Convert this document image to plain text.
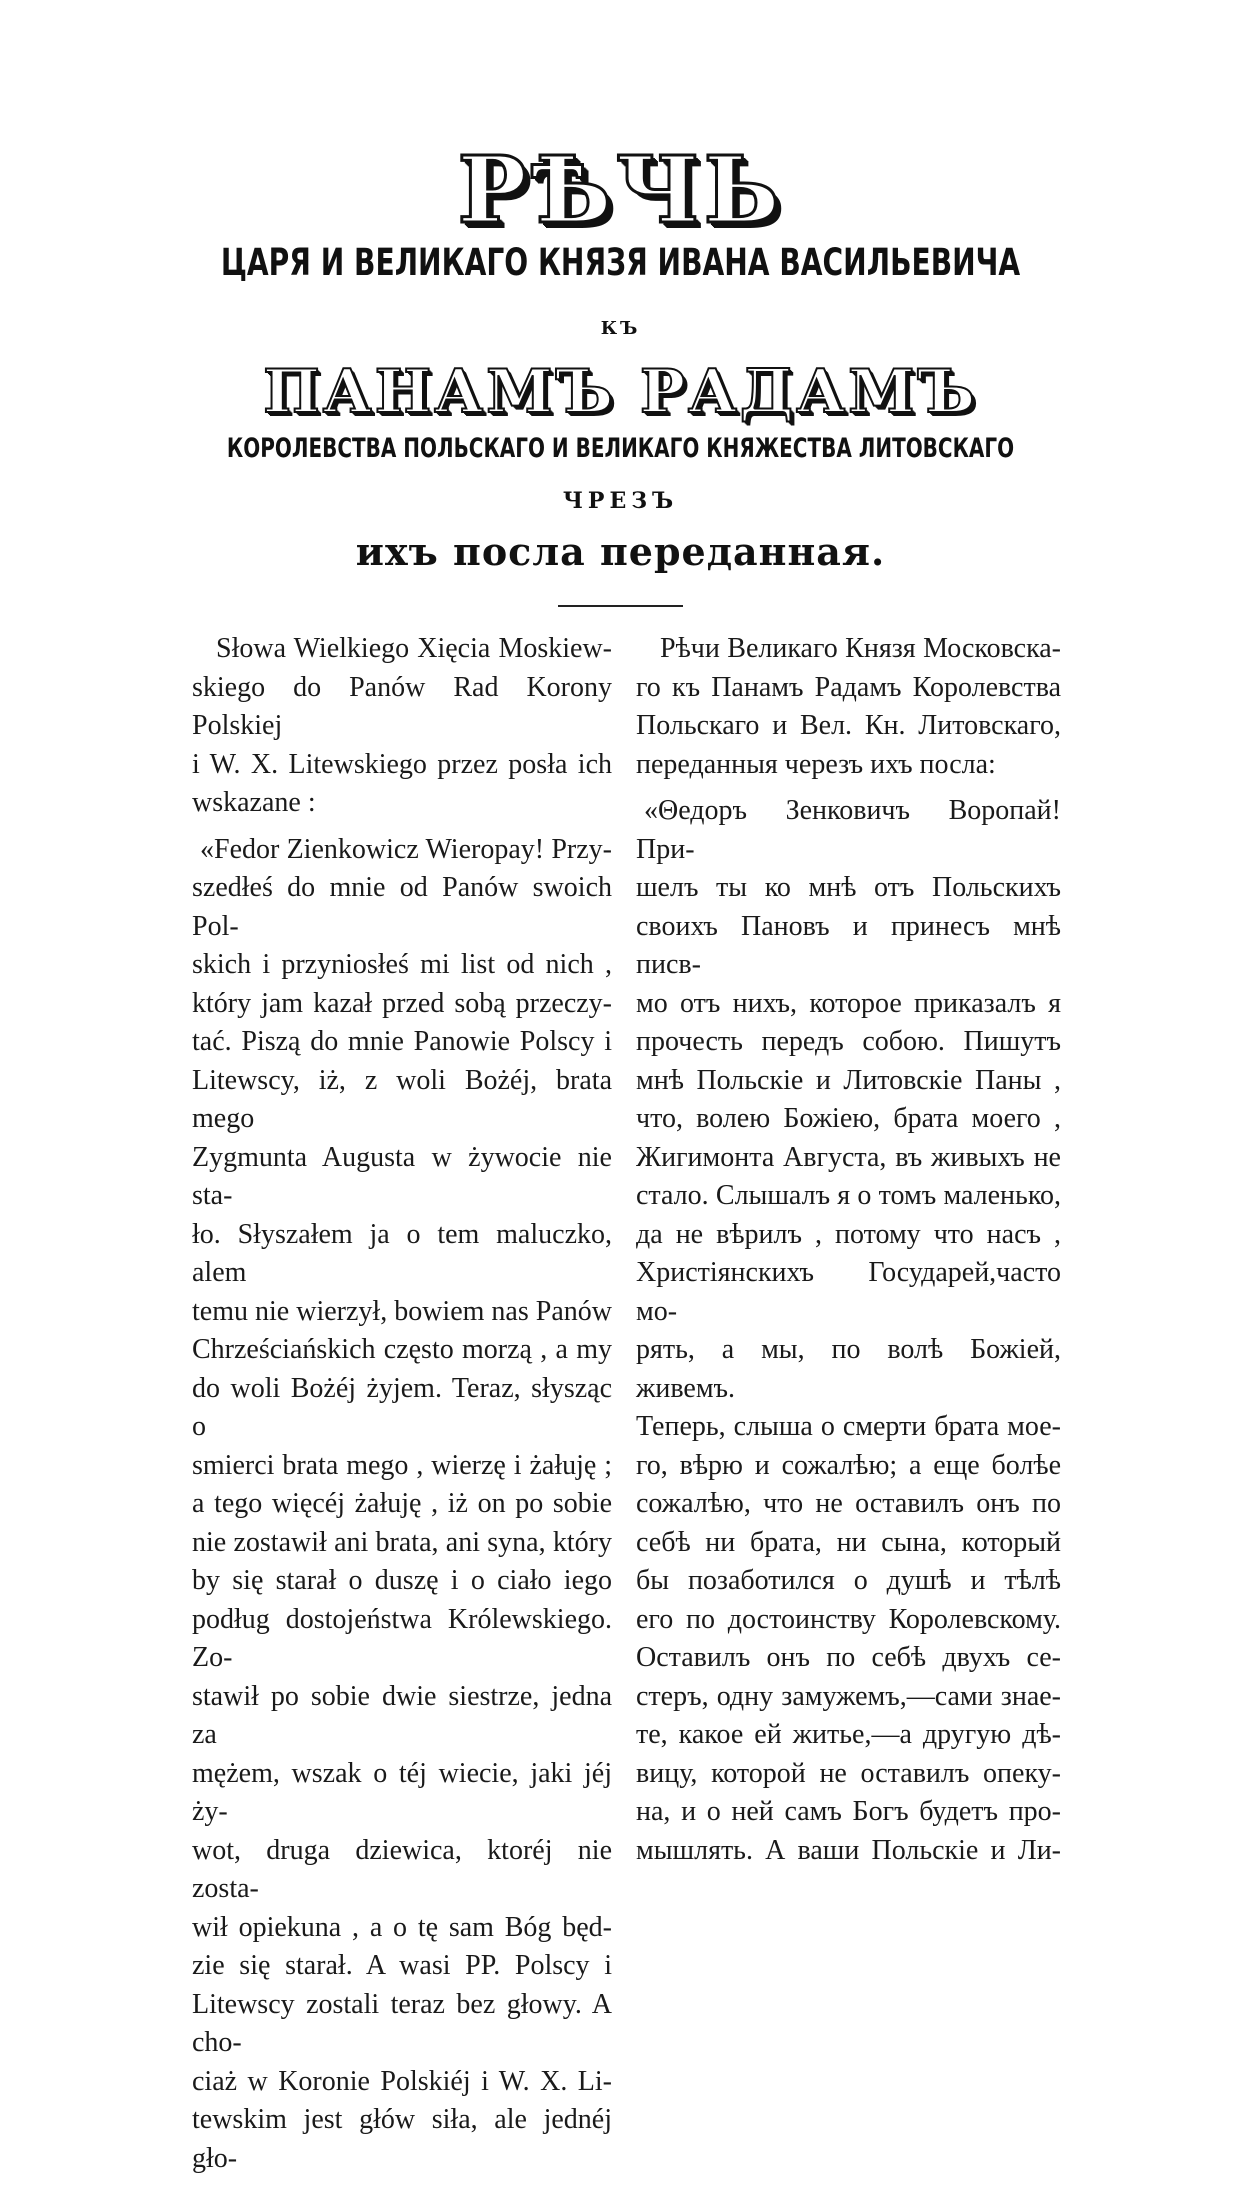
РѢЧЬ
ЦАРЯ И ВЕЛИКАГО КНЯЗЯ ИВАНА ВАСИЛЬЕВИЧА
КЪ
ПАНАМЪ РАДАМЪ
КОРОЛЕВСТВА ПОЛЬСКАГО И ВЕЛИКАГО КНЯЖЕСТВА ЛИТОВСКАГО
ЧРЕЗЪ
ихъ посла переданная.
Słowa Wielkiego Xięcia Moskiew-
skiego do Panów Rad Korony Polskiej
i W. X. Litewskiego przez posła ich
wskazane :
«Fedor Zienkowicz Wieropay! Przy-
szedłeś do mnie od Panów swoich Pol-
skich i przyniosłeś mi list od nich ,
który jam kazał przed sobą przeczy-
tać. Piszą do mnie Panowie Polscy i
Litewscy, iż, z woli Bożéj, brata mego
Zygmunta Augusta w żywocie nie sta-
ło. Słyszałem ja o tem maluczko, alem
temu nie wierzył, bowiem nas Panów
Chrześciańskich często morzą , a my
do woli Bożéj żyjem. Teraz, słysząc o
smierci brata mego , wierzę i żałuję ;
a tego więcéj żałuję , iż on po sobie
nie zostawił ani brata, ani syna, który
by się starał o duszę i o ciało iego
podług dostojeństwa Królewskiego. Zo-
stawił po sobie dwie siestrze, jedna za
mężem, wszak o téj wiecie, jaki jéj ży-
wot, druga dziewica, ktoréj nie zosta-
wił opiekuna , a o tę sam Bóg będ-
zie się starał. A wasi PP. Polscy i
Litewscy zostali teraz bez głowy. A cho-
ciaż w Koronie Polskiéj i W. X. Li-
tewskim jest głów siła, ale jednéj gło-
Рѣчи Великаго Князя Московска-
го къ Панамъ Радамъ Королевства
Польскаго и Вел. Кн. Литовскаго,
переданныя черезъ ихъ посла:
«Θедоръ Зенковичъ Воропай! При-
шелъ ты ко мнѣ отъ Польскихъ
своихъ Пановъ и принесъ мнѣ писв-
мо отъ нихъ, которое приказалъ я
прочесть передъ собою. Пишутъ
мнѣ Польскіе и Литовскіе Паны ,
что, волею Божіею, брата моего ,
Жигимонта Августа, въ живыхъ не
стало. Слышалъ я о томъ маленько,
да не вѣрилъ , потому что насъ ,
Христіянскихъ Государей,часто мо-
рять, а мы, по волѣ Божіей, живемъ.
Теперь, слыша о смерти брата мое-
го, вѣрю и сожалѣю; а еще болѣе
сожалѣю, что не оставилъ онъ по
себѣ ни брата, ни сына, который
бы позаботился о душѣ и тѣлѣ
его по достоинству Королевскому.
Оставилъ онъ по себѣ двухъ се-
стеръ, одну замужемъ,—сами знае-
те, какое ей житье,—а другую дѣ-
вицу, которой не оставилъ опеку-
на, и о ней самъ Богъ будетъ про-
мышлять. А ваши Польскіе и Ли-
